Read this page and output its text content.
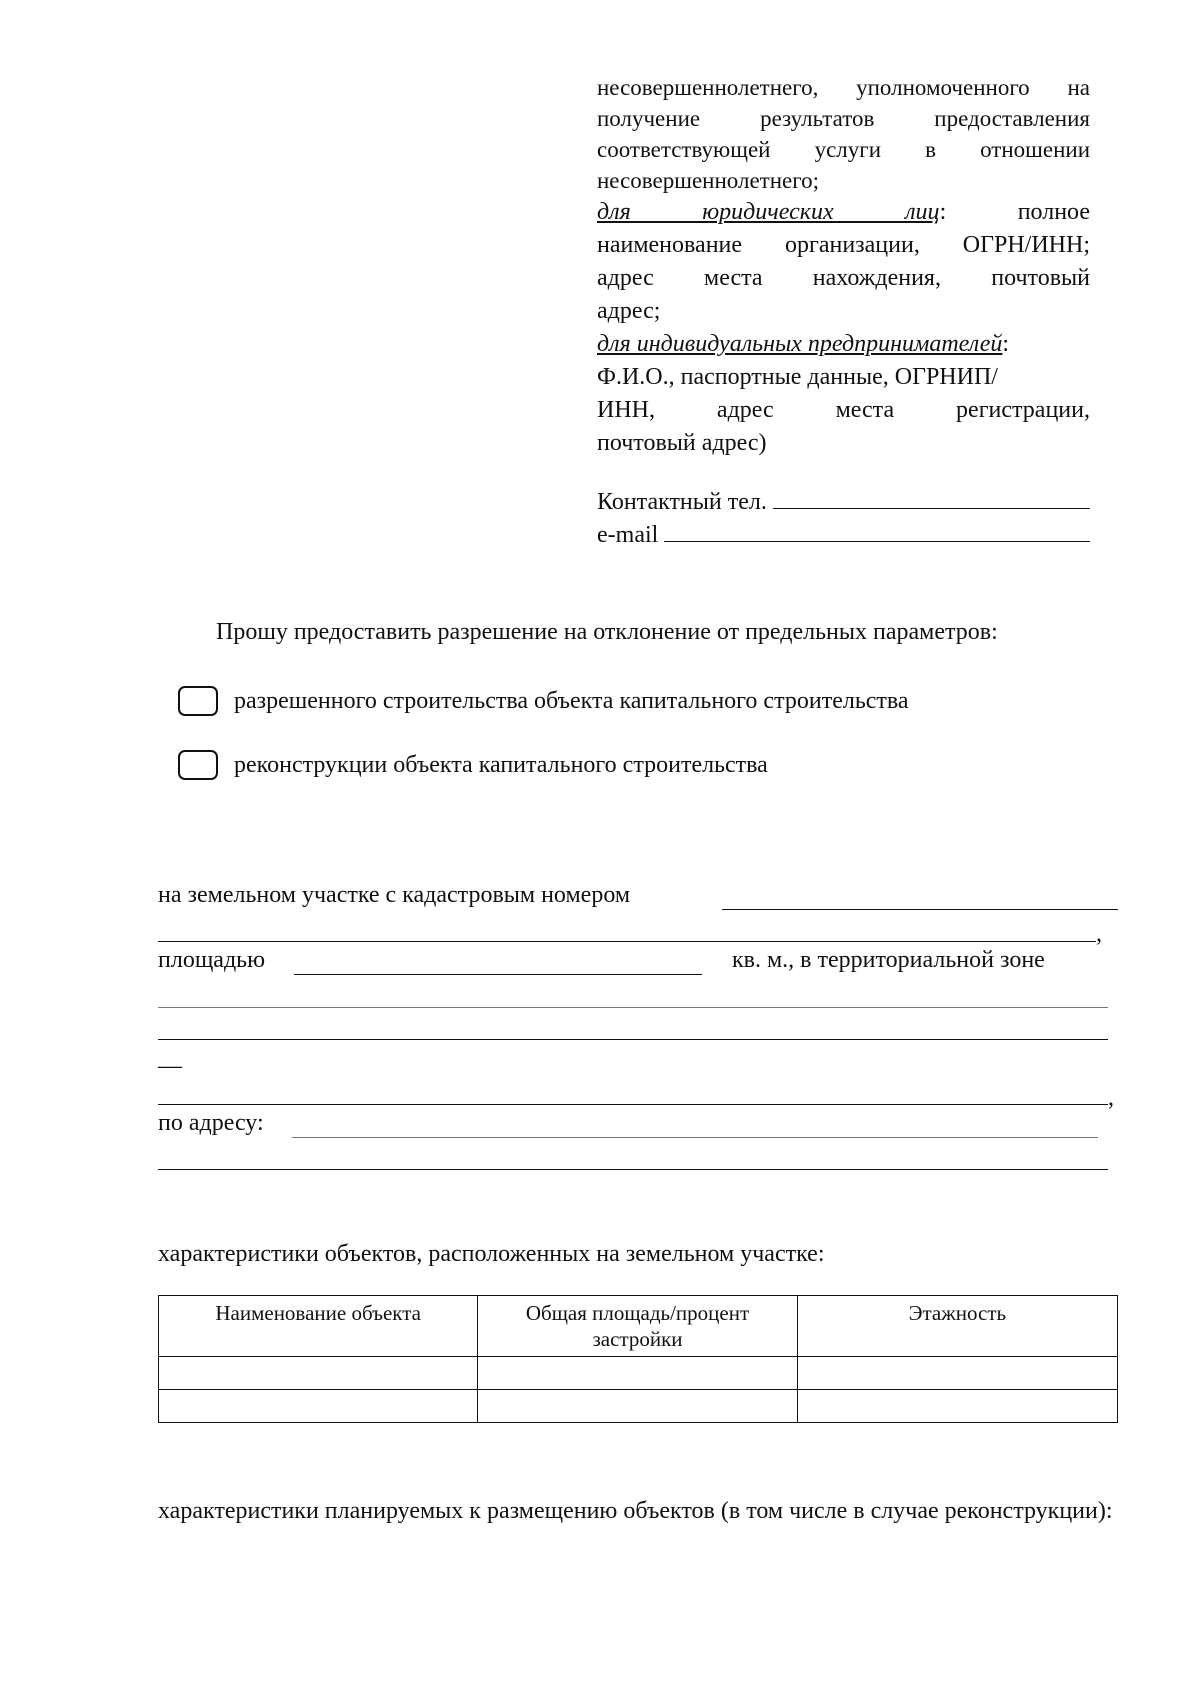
несовершеннолетнего, уполномоченного на
получение результатов предоставления
соответствующей услуги в отношении
несовершеннолетнего;
для юридических лиц: полное
наименование организации, ОГРН/ИНН;
адрес места нахождения, почтовый
адрес;
для индивидуальных предпринимателей:
Ф.И.О., паспортные данные, ОГРНИП/
ИНН, адрес места регистрации,
почтовый адрес)
Контактный тел.
e-mail
Прошу предоставить разрешение на отклонение от предельных параметров:
разрешенного строительства объекта капитального строительства
реконструкции объекта капитального строительства
на земельном участке с кадастровым номером
,
площадью	кв. м., в территориальной зоне
—
,
по адресу:
характеристики объектов, расположенных на земельном участке:
Наименование объекта	Общая площадь/процент застройки	Этажность

характеристики планируемых к размещению объектов (в том числе в случае реконструкции):
